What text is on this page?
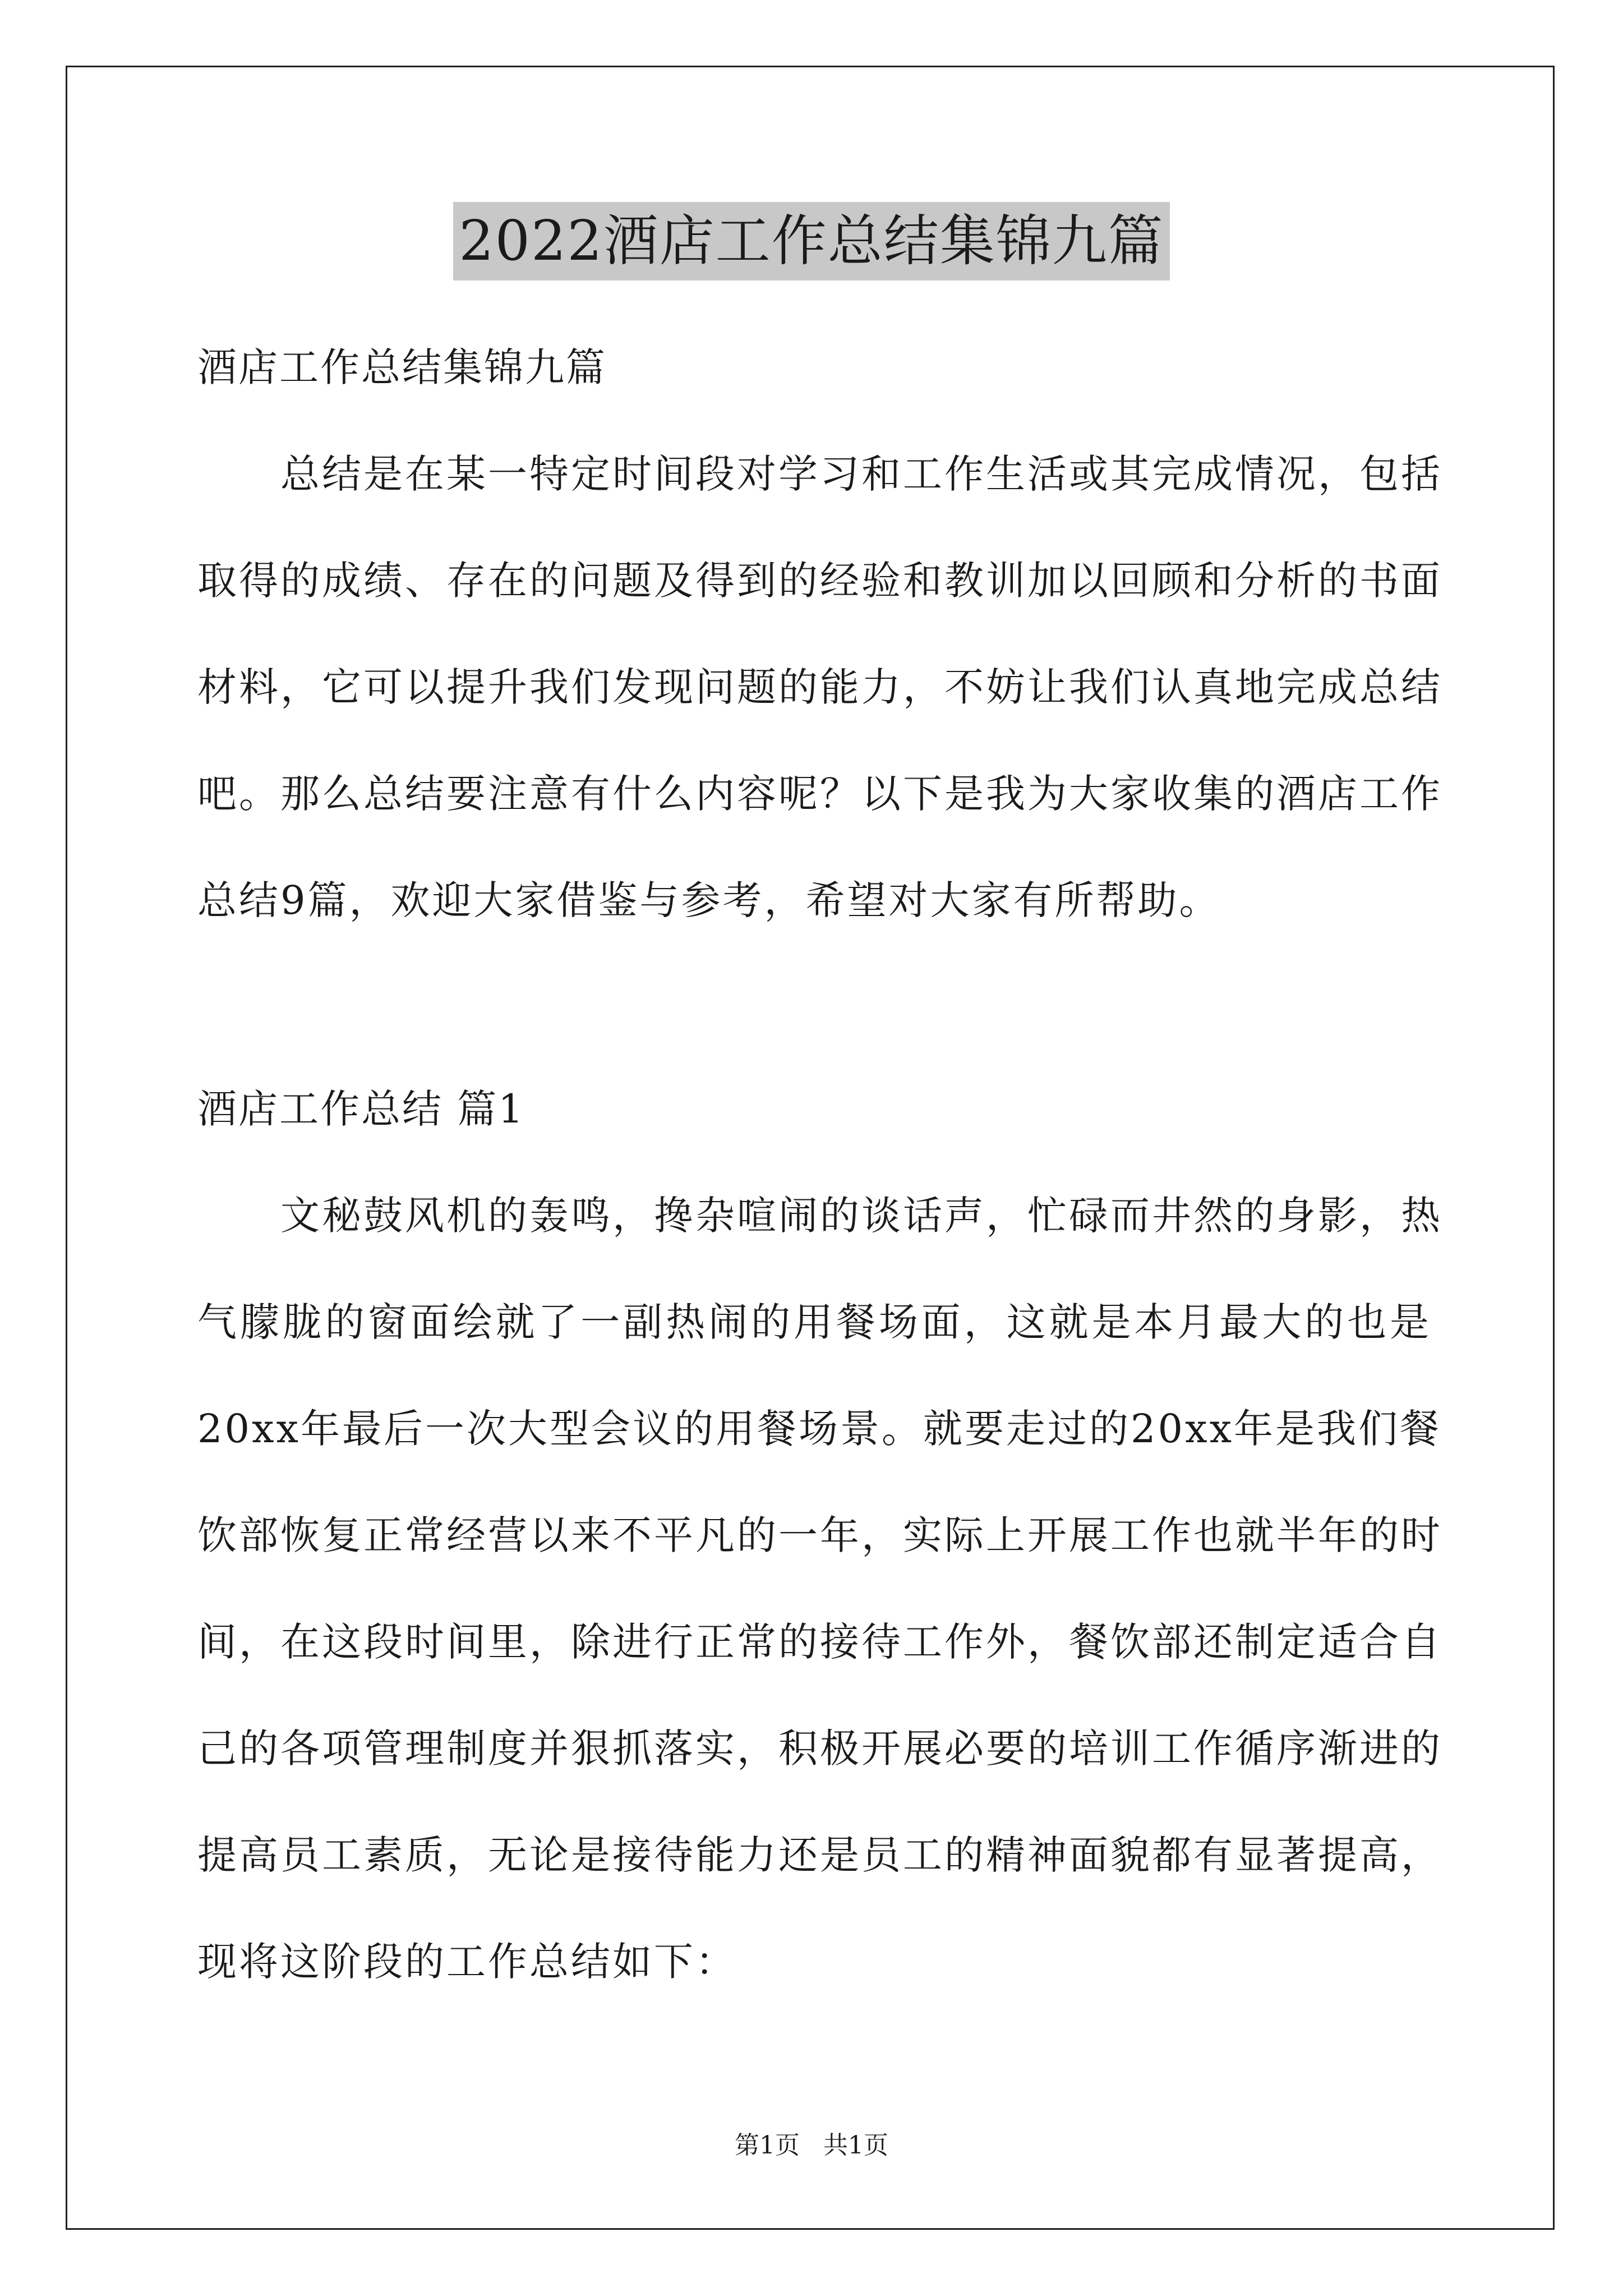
2022酒店工作总结集锦九篇
酒店工作总结集锦九篇
总结是在某一特定时间段对学习和工作生活或其完成情况，包括
取得的成绩、存在的问题及得到的经验和教训加以回顾和分析的书面
材料，它可以提升我们发现问题的能力，不妨让我们认真地完成总结
吧。那么总结要注意有什么内容呢？以下是我为大家收集的酒店工作
总结9篇，欢迎大家借鉴与参考，希望对大家有所帮助。
酒店工作总结 篇1
文秘鼓风机的轰鸣，搀杂喧闹的谈话声，忙碌而井然的身影，热
气朦胧的窗面绘就了一副热闹的用餐场面，这就是本月最大的也是
20xx年最后一次大型会议的用餐场景。就要走过的20xx年是我们餐
饮部恢复正常经营以来不平凡的一年，实际上开展工作也就半年的时
间，在这段时间里，除进行正常的接待工作外，餐饮部还制定适合自
己的各项管理制度并狠抓落实，积极开展必要的培训工作循序渐进的
提高员工素质，无论是接待能力还是员工的精神面貌都有显著提高，
现将这阶段的工作总结如下：
第1页 共1页
